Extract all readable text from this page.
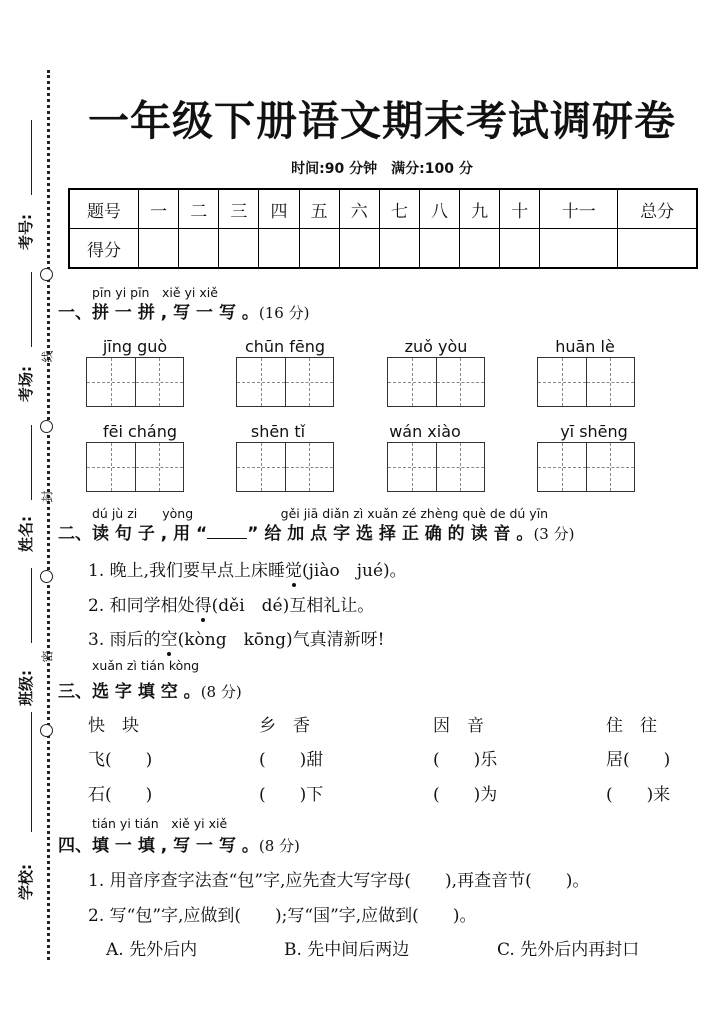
线
封
密
考号:
考场:
姓名:
班级:
学校:
一年级下册语文期末考试调研卷
时间:90 分钟　满分:100 分
题号	一	二	三	四	五	六	七	八	九	十	十一	总分
得分												
pīn yi pīn　xiě yi xiě
一、拼 一 拼 , 写 一 写 。(16 分)
jīng guò	chūn fēng	zuǒ yòu	huān lè
fēi cháng	shēn tǐ	wán xiào	yī shēng
dú jù zi　　yòng　　　　　　　gěi jiā diǎn zì xuǎn zé zhèng què de dú yīn
二、读 句 子 , 用 “ ” 给 加 点 字 选 择 正 确 的 读 音 。(3 分)
1. 晚上,我们要早点上床睡觉(jiào　jué)。
2. 和同学相处得(děi　dé)互相礼让。
3. 雨后的空(kòng　kōng)气真清新呀!
xuǎn zì tián kòng
三、选 字 填 空 。(8 分)
快　块	乡　香	因　音	住　往
飞(　　)	(　　)甜	(　　)乐	居(　　)
石(　　)	(　　)下	(　　)为	(　　)来
tián yi tián　xiě yi xiě
四、填 一 填 , 写 一 写 。(8 分)
1. 用音序查字法查“包”字,应先查大写字母(　　),再查音节(　　)。
2. 写“包”字,应做到(　　);写“国”字,应做到(　　)。
A. 先外后内	B. 先中间后两边	C. 先外后内再封口
